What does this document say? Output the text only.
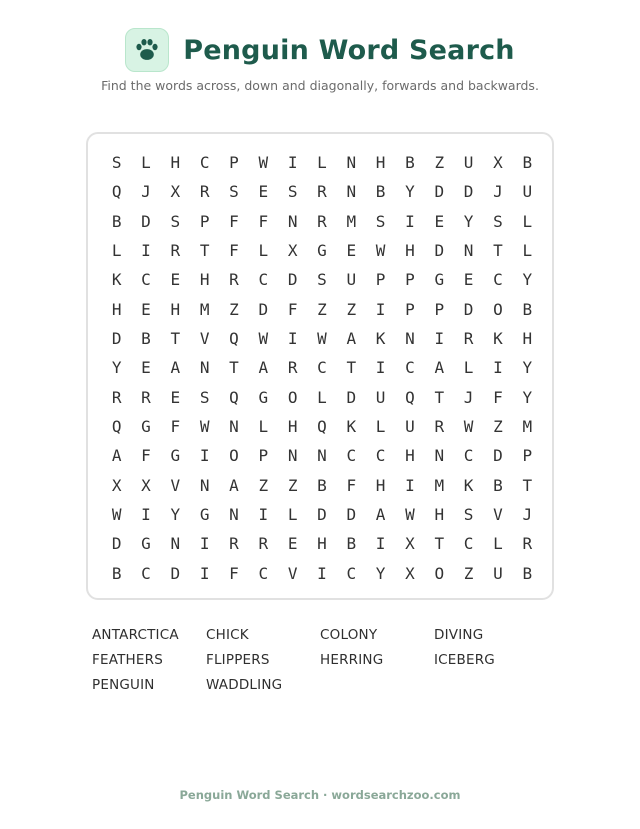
Penguin Word Search
Find the words across, down and diagonally, forwards and backwards.
S	L	H	C	P	W	I	L	N	H	B	Z	U	X	B
Q	J	X	R	S	E	S	R	N	B	Y	D	D	J	U
B	D	S	P	F	F	N	R	M	S	I	E	Y	S	L
L	I	R	T	F	L	X	G	E	W	H	D	N	T	L
K	C	E	H	R	C	D	S	U	P	P	G	E	C	Y
H	E	H	M	Z	D	F	Z	Z	I	P	P	D	O	B
D	B	T	V	Q	W	I	W	A	K	N	I	R	K	H
Y	E	A	N	T	A	R	C	T	I	C	A	L	I	Y
R	R	E	S	Q	G	O	L	D	U	Q	T	J	F	Y
Q	G	F	W	N	L	H	Q	K	L	U	R	W	Z	M
A	F	G	I	O	P	N	N	C	C	H	N	C	D	P
X	X	V	N	A	Z	Z	B	F	H	I	M	K	B	T
W	I	Y	G	N	I	L	D	D	A	W	H	S	V	J
D	G	N	I	R	R	E	H	B	I	X	T	C	L	R
B	C	D	I	F	C	V	I	C	Y	X	O	Z	U	B
ANTARCTICA	CHICK	COLONY	DIVING
FEATHERS	FLIPPERS	HERRING	ICEBERG
PENGUIN	WADDLING
Penguin Word Search · wordsearchzoo.com
